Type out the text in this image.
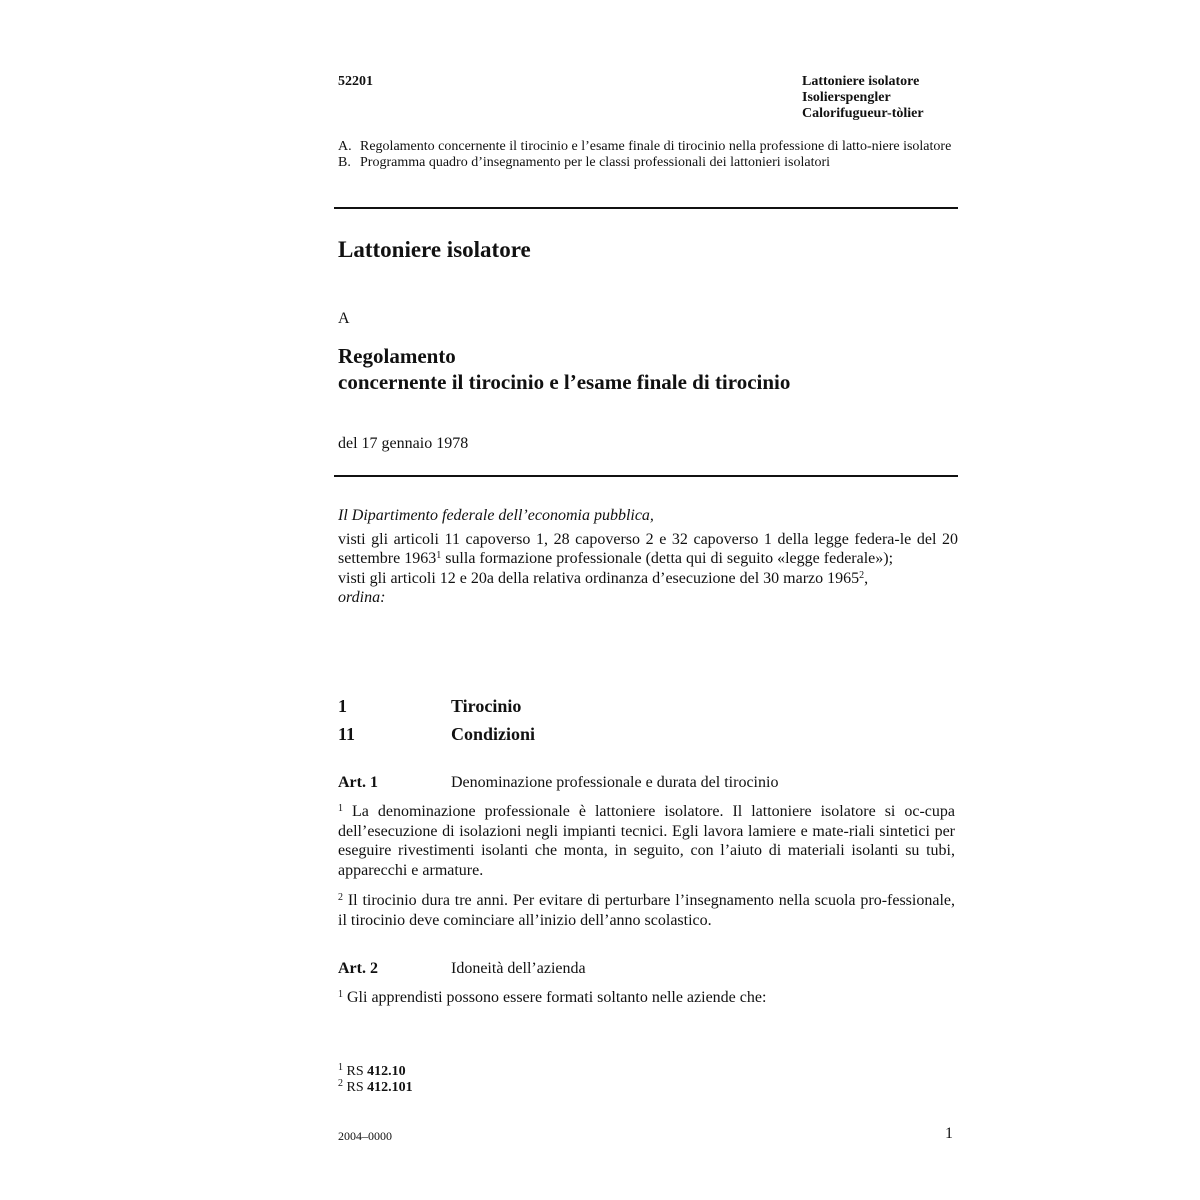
52201	Lattoniere isolatore
Isolierspengler
Calorifugueur-tòlier
A. Regolamento concernente il tirocinio e l’esame finale di tirocinio nella professione di latto-niere isolatore
B. Programma quadro d’insegnamento per le classi professionali dei lattonieri isolatori
Lattoniere isolatore
A
Regolamento
concernente il tirocinio e l’esame finale di tirocinio
del 17 gennaio 1978

Il Dipartimento federale dell’economia pubblica,

visti gli articoli 11 capoverso 1, 28 capoverso 2 e 32 capoverso 1 della legge federa-le del 20 settembre 1963$^1$ sulla formazione professionale (detta qui di seguito «legge federale»);

visti gli articoli 12 e 20a della relativa ordinanza d’esecuzione del 30 marzo 1965$^2$,

ordina:

1	Tirocinio
11	Condizioni
Art. 1	Denominazione professionale e durata del tirocinio
$^1$ La denominazione professionale è lattoniere isolatore. Il lattoniere isolatore si oc-cupa dell’esecuzione di isolazioni negli impianti tecnici. Egli lavora lamiere e mate-riali sintetici per eseguire rivestimenti isolanti che monta, in seguito, con l’aiuto di materiali isolanti su tubi, apparecchi e armature.
$^2$ Il tirocinio dura tre anni. Per evitare di perturbare l’insegnamento nella scuola pro-fessionale, il tirocinio deve cominciare all’inizio dell’anno scolastico.
Art. 2	Idoneità dell’azienda
$^1$ Gli apprendisti possono essere formati soltanto nelle aziende che:
$^1$ RS 412.10
$^2$ RS 412.101
2004–0000	1
